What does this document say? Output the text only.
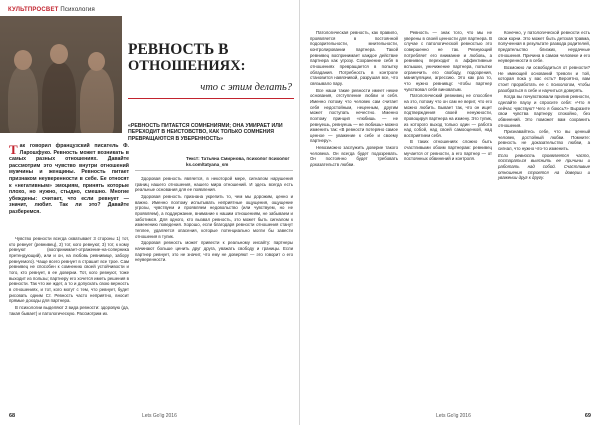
КУЛЬТПРОСВЕТ Психология
РЕВНОСТЬ В
ОТНОШЕНИЯХ:
что с этим делать?
«РЕВНОСТЬ ПИТАЕТСЯ СОМНЕНИЯМИ; ОНА УМИРАЕТ ИЛИ ПЕРЕХОДИТ В НЕИСТОВСТВО, КАК ТОЛЬКО СОМНЕНИЯ ПРЕВРАЩАЮТСЯ В УВЕРЕННОСТЬ»
Текст: Татьяна Смирнова, психолог психолог ks.com/tatyana_sm
Так говорил французский писатель Ф. Ларошфуко. Ревность может возникать в самых разных отношениях. Давайте рассмотрим это чувство внутри отношений мужчины и женщины. Ревность питает признаком неуверенности в себе. Ее относят к «негативным» эмоциям, принять которые плохо, но нужно, стыдно, смешно. Многие убеждены: считает, что если ревнует — значит, любит. Так ли это? Давайте разберемся.

Чувство ревности всегда охватывает 3 стороны 1) тот, кто ревнует (ревнивец), 2) тот, кого ревнуют, 3) тот, к кому ревнуют (воспринимает-отражение-на-соперника претендующий), или и он, на любовь ревнивице, забору ревнуемого). Чаще всего ревнует в страшит все трое. Сам ревнивец не способен к сомнению своей устойчивости и того, кто ревнует, в ее доверии. Тот, кого ревнуют, тоже выходит из пользы; партнеру его хочется иметь решения в ревности. Так что же ждет, а то и допускать свою верность в отношениях, и тот, кого могут с тем, что ревнует, будет рисовать одним Ст. Ревность часто неприятно, вносит прямые доходы для партнера.

В психологии выделяют 2 вида ревности: здоровую (да, такая бывает) и патологическую. Рассмотрим их.

Здоровая ревность является, в некоторой мере, сигналом нарушения границ нашего отношения, нашего мира отношений. И здесь всегда есть реальные основания для ее появления.

Здоровая ревность признана укрепить то, чем мы дорожим, ценно и важно. Именно поэтому испытывать неприятные ощущения, ощущение угрозы, чувствуем и проявляем недовольство (или чувствуем, но не проявляем), а поддержание, внимание к нашим отношениям, не забываем и заботимся. Для одного, кто вызвал ревность, это может быть сигналом к изменению поведения. Хорошо, если благодаря ревности отношения станут теплее, удаляется опасения, которые потенциально могли бы завести отношения в тупик.

Здоровая ревность может привести к реальному инсайту: партнеры начинают больше ценить друг друга, уважать свободу и границы. Если партнер ревнует, это не значит, что ему не доверяют — это говорит о его неуверенности.

68	Lets Go'ig 2016

Патологическая ревность, как правило, проявляется в постоянной подозрительности, мнительности, контролировании партнера. Такой ревнивец воспринимает каждое действие партнера как угрозу. Сохранение себя в отношениях превращается в попытку обладания. Потребность в контроле становится навязчивой, разрушая все, что связывало пару.

Все наши такие ревности имеет некие основания, отступление любви и себя. Именно потому что человек сам считает себя недостойным, неценным, другим может поступать нечестно. Именно поэтому принцип «любишь — не ревнуешь, ревнуешь — не любишь» можно изменить так: «В ревности потеряно самое ценное — уважение к себе и своему партнеру».

Невозможно заслужить доверие такого человека. Он всегда будет подозревать. Он постоянно будет требовать доказательств любви.

Ревность — знак того, что мы не уверены в своей ценности для партнера. В случае с патологической ревностью это совершенно не так. Ревнующий потребляет его внимание и любовь, а ревнивец переходит в аффективные вспышки, уничижение партнера, попытки ограничить его свободу, подозрения, манипуляции, агрессию. Это как раз то, что нужно ревнивцу: чтобы партнер чувствовал себя виноватым.

Патологический ревнивец не способен на это, потому что он сам не верит, что его можно любить. Бывает так, что он ищет подтверждения своей ненужности, провоцируя партнера на измену. Это тупик, из которого выход только один — работа над собой, над своей самооценкой, над восприятием себя.

В таких отношениях сложно быть счастливыми обоим партнерам: ревнивец мучается от ревности, а его партнер — от постоянных обвинений и контроля.

Конечно, у патологической ревности есть свои корни. Это может быть детская травма, полученная в результате развода родителей, предательство близких, неудачные отношения. Причина в самом человеке и его неуверенности в себе.

Возможно ли освободиться от ревности? Не имеющей оснований тревоги и той, которая пока у вас есть? Вероятно, вам стоит проработать ее с психологом, чтобы разобраться в себе и научиться доверять.

Когда вы почувствовали прилив ревности, сделайте паузу и спросите себя: «Что я сейчас чувствую? Чего я боюсь?» Выразите свои чувства партнеру спокойно, без обвинений. Это поможет вам сохранить отношения.

Признавайтесь себе, что вы ценный человек, достойный любви. Помните: ревность не доказательство любви, а сигнал, что нужно что-то изменить.

Если ревность проявляется часто, постараться выяснить ее причины и работать над собой. Счастливые отношения строятся на доверии и уважении друг к другу.

Lets Go'ig 2016	69
